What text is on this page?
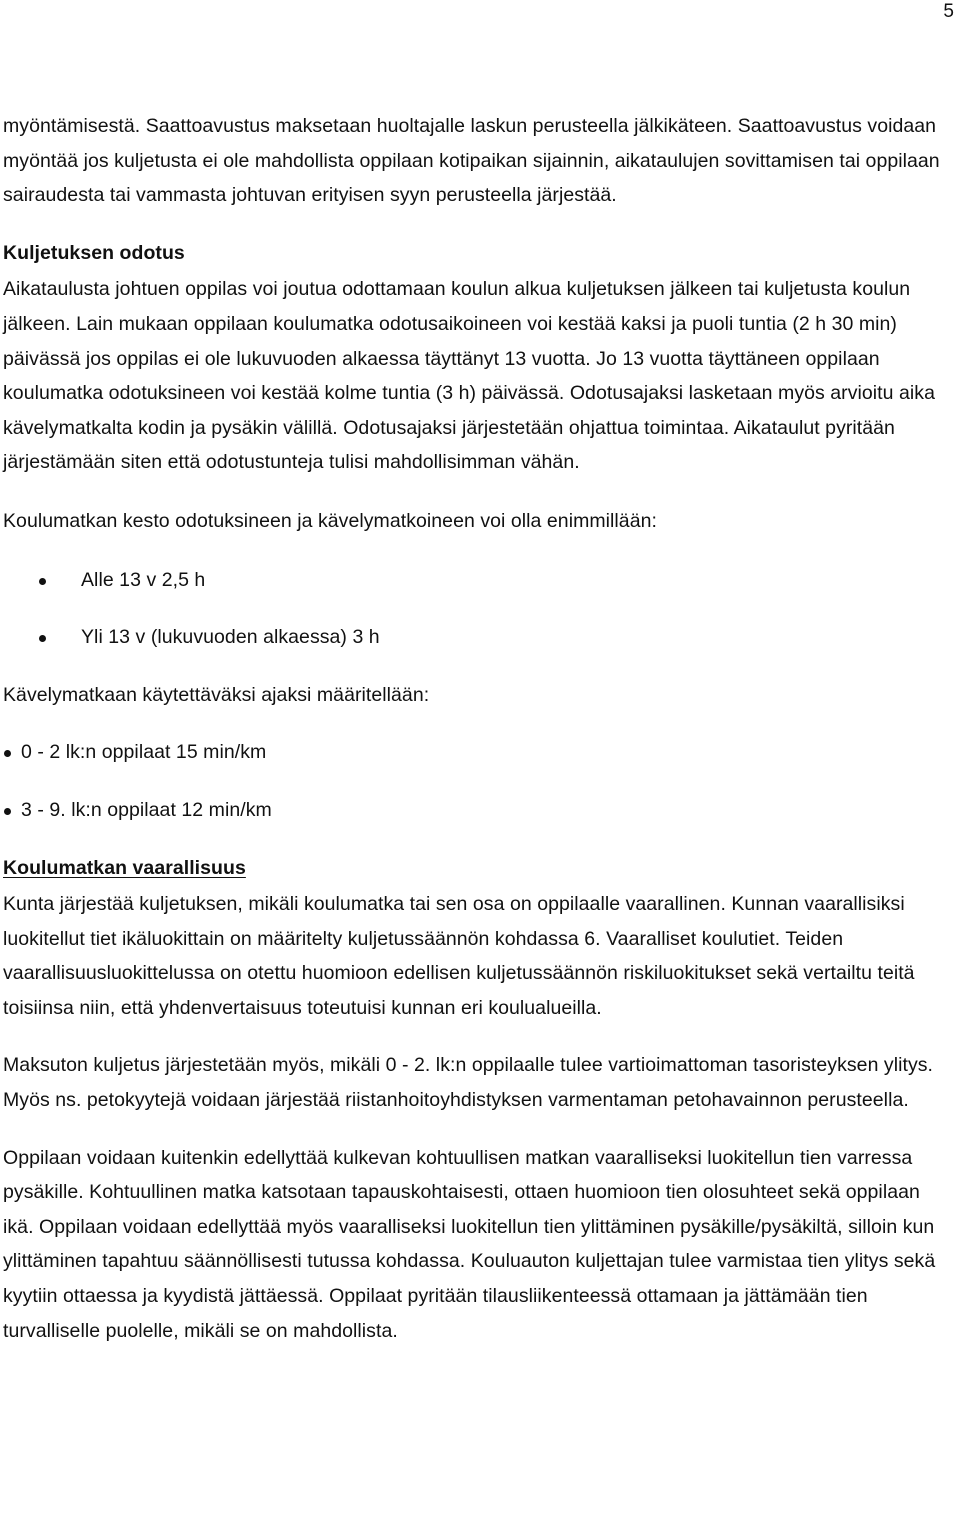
5

myöntämisestä. Saattoavustus maksetaan huoltajalle laskun perusteella jälkikäteen. Saattoavustus voidaan myöntää jos kuljetusta ei ole mahdollista oppilaan kotipaikan sijainnin, aikataulujen sovittamisen tai oppilaan sairaudesta tai vammasta johtuvan erityisen syyn perusteella järjestää.

Kuljetuksen odotus

Aikataulusta johtuen oppilas voi joutua odottamaan koulun alkua kuljetuksen jälkeen tai kuljetusta koulun jälkeen. Lain mukaan oppilaan koulumatka odotusaikoineen voi kestää kaksi ja puoli tuntia (2 h 30 min) päivässä jos oppilas ei ole lukuvuoden alkaessa täyttänyt 13 vuotta. Jo 13 vuotta täyttäneen oppilaan koulumatka odotuksineen voi kestää kolme tuntia (3 h) päivässä. Odotusajaksi lasketaan myös arvioitu aika kävelymatkalta kodin ja pysäkin välillä. Odotusajaksi järjestetään ohjattua toimintaa. Aikataulut pyritään järjestämään siten että odotustunteja tulisi mahdollisimman vähän.

Koulumatkan kesto odotuksineen ja kävelymatkoineen voi olla enimmillään:

Alle 13 v 2,5 h
Yli 13 v (lukuvuoden alkaessa) 3 h

Kävelymatkaan käytettäväksi ajaksi määritellään:

0 - 2 lk:n oppilaat 15 min/km
3 - 9. lk:n oppilaat 12 min/km

Koulumatkan vaarallisuus

Kunta järjestää kuljetuksen, mikäli koulumatka tai sen osa on oppilaalle vaarallinen. Kunnan vaarallisiksi luokitellut tiet ikäluokittain on määritelty kuljetussäännön kohdassa 6. Vaaralliset koulutiet. Teiden vaarallisuusluokittelussa on otettu huomioon edellisen kuljetussäännön riskiluokitukset sekä vertailtu teitä toisiinsa niin, että yhdenvertaisuus toteutuisi kunnan eri koulualueilla.

Maksuton kuljetus järjestetään myös, mikäli 0 - 2. lk:n oppilaalle tulee vartioimattoman tasoristeyksen ylitys. Myös ns. petokyytejä voidaan järjestää riistanhoitoyhdistyksen varmentaman petohavainnon perusteella.

Oppilaan voidaan kuitenkin edellyttää kulkevan kohtuullisen matkan vaaralliseksi luokitellun tien varressa pysäkille. Kohtuullinen matka katsotaan tapauskohtaisesti, ottaen huomioon tien olosuhteet sekä oppilaan ikä. Oppilaan voidaan edellyttää myös vaaralliseksi luokitellun tien ylittäminen pysäkille/pysäkiltä, silloin kun ylittäminen tapahtuu säännöllisesti tutussa kohdassa. Kouluauton kuljettajan tulee varmistaa tien ylitys sekä kyytiin ottaessa ja kyydistä jättäessä. Oppilaat pyritään tilausliikenteessä ottamaan ja jättämään tien turvalliselle puolelle, mikäli se on mahdollista.
